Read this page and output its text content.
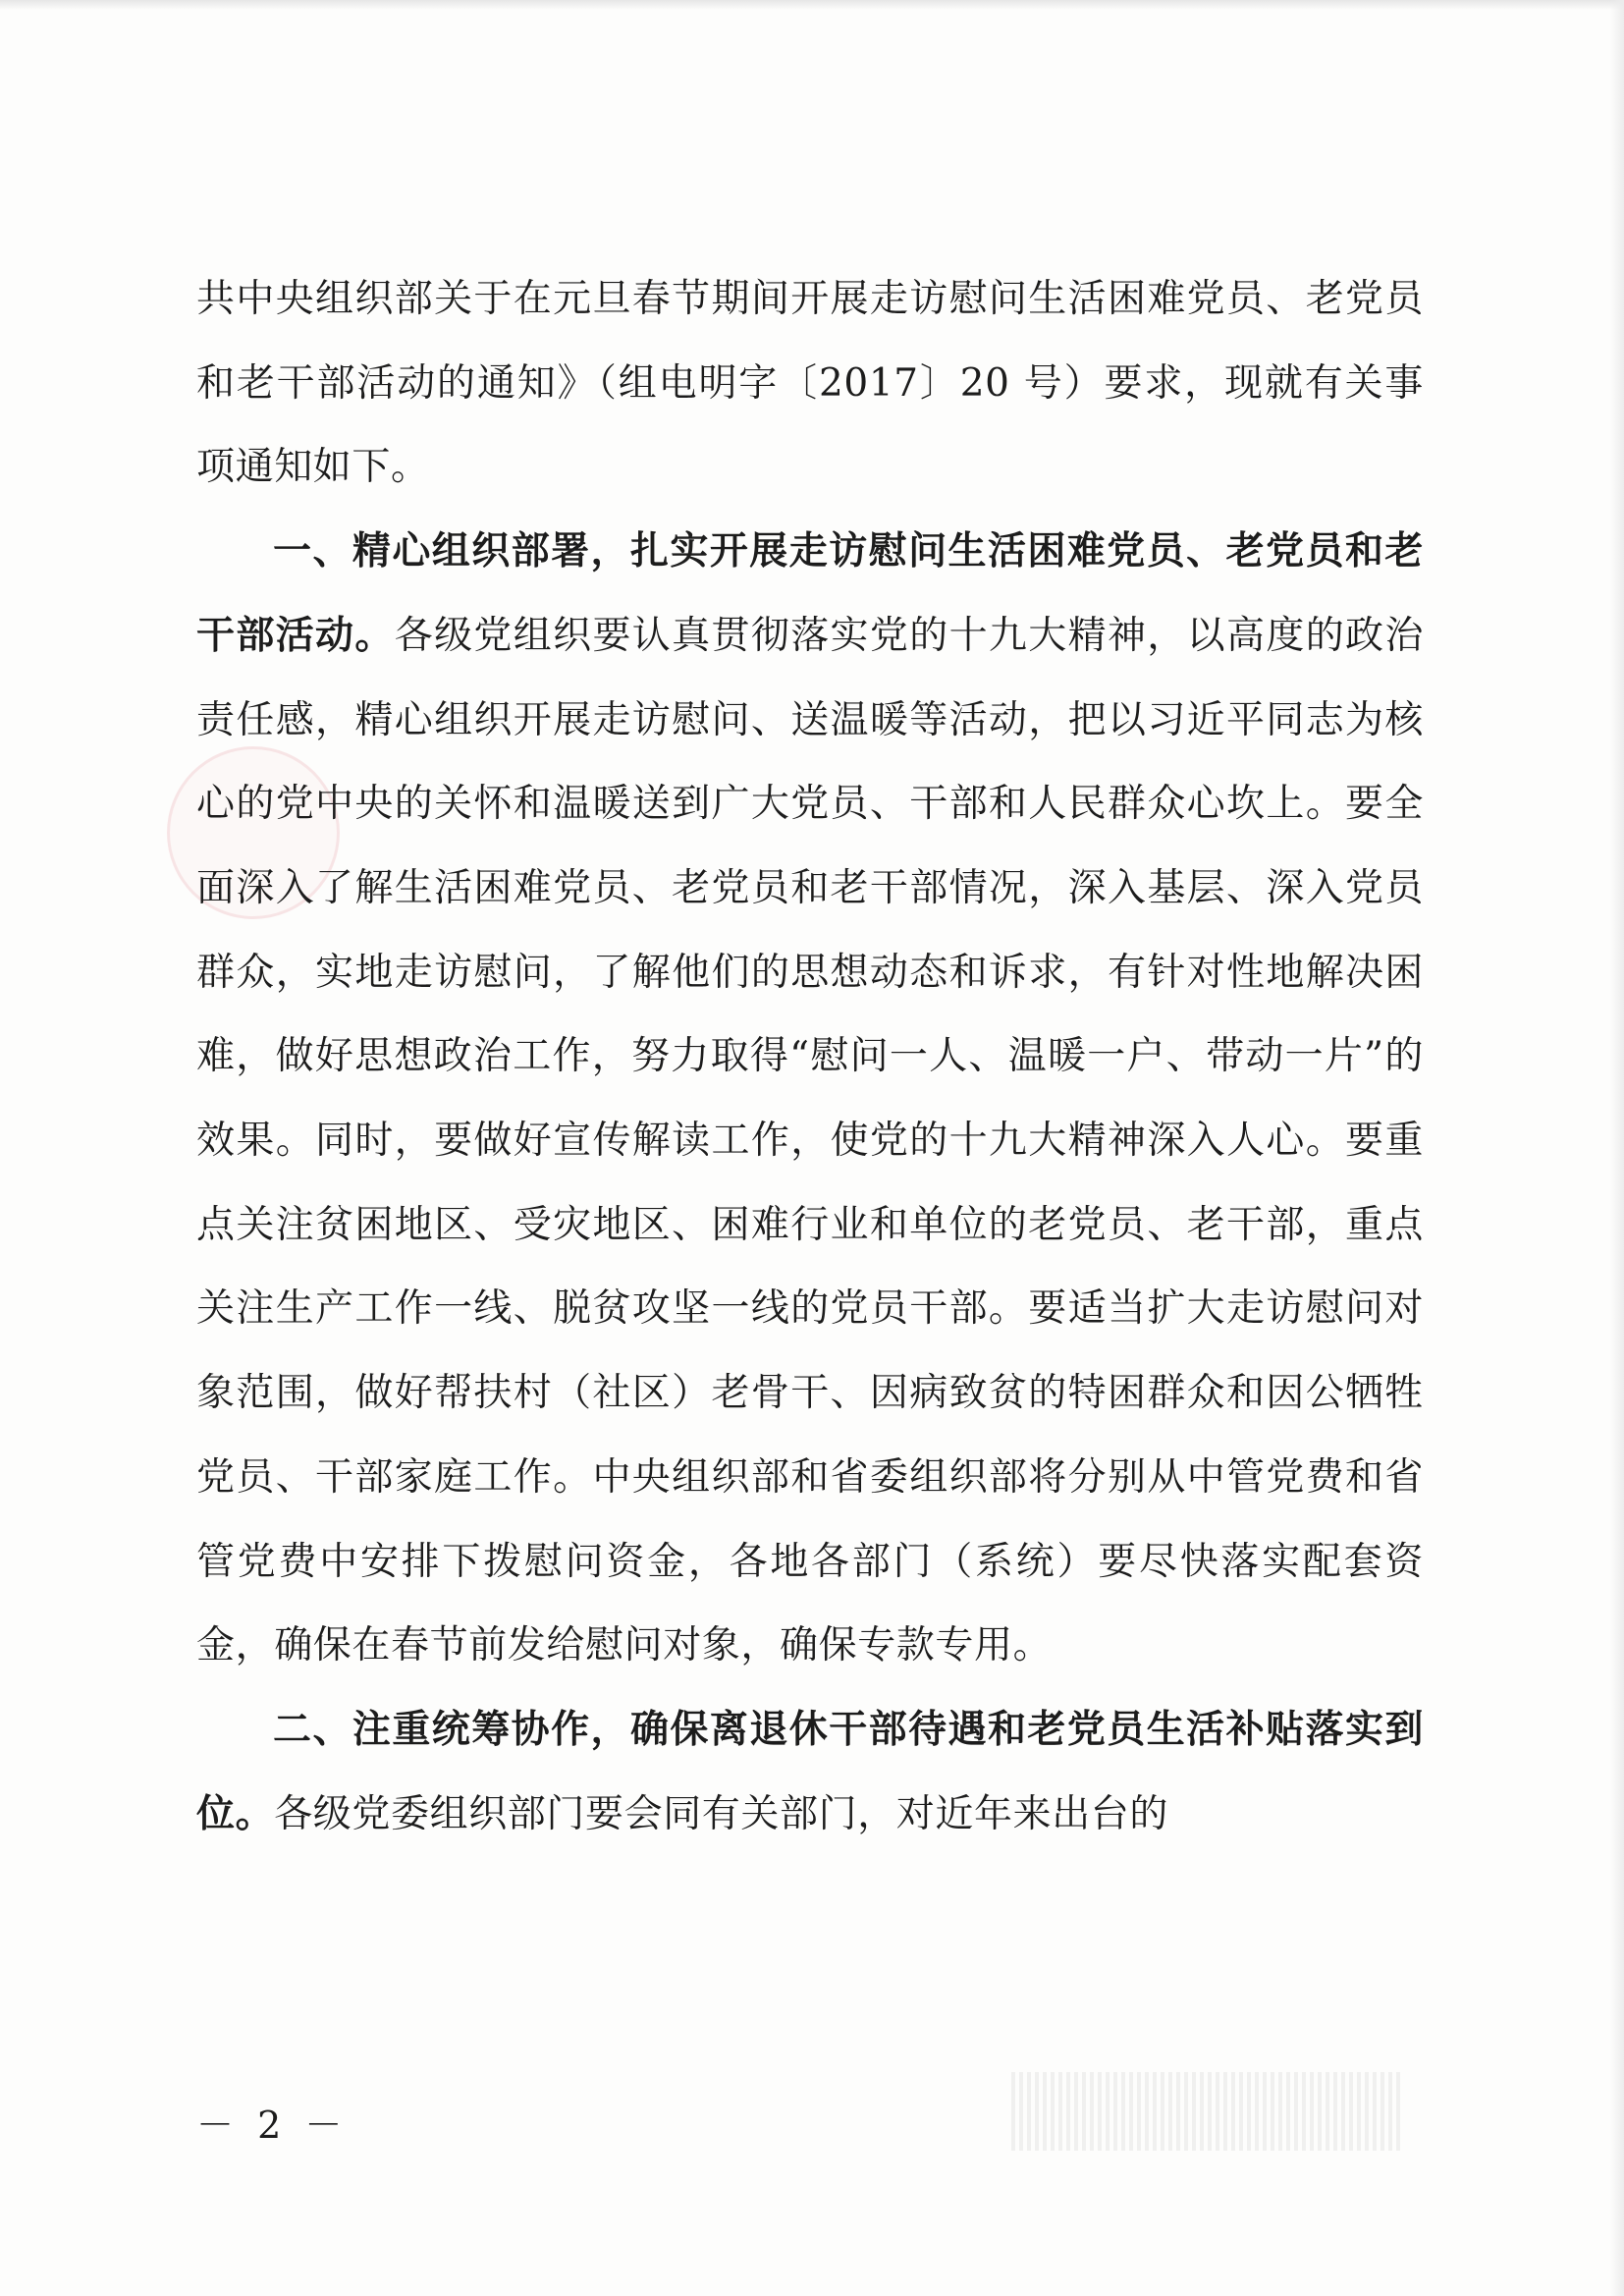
共中央组织部关于在元旦春节期间开展走访慰问生活困难党员、老党员和老干部活动的通知》（组电明字〔2017〕20 号）要求，现就有关事项通知如下。

一、精心组织部署，扎实开展走访慰问生活困难党员、老党员和老干部活动。各级党组织要认真贯彻落实党的十九大精神，以高度的政治责任感，精心组织开展走访慰问、送温暖等活动，把以习近平同志为核心的党中央的关怀和温暖送到广大党员、干部和人民群众心坎上。要全面深入了解生活困难党员、老党员和老干部情况，深入基层、深入党员群众，实地走访慰问，了解他们的思想动态和诉求，有针对性地解决困难，做好思想政治工作，努力取得“慰问一人、温暖一户、带动一片”的效果。同时，要做好宣传解读工作，使党的十九大精神深入人心。要重点关注贫困地区、受灾地区、困难行业和单位的老党员、老干部，重点关注生产工作一线、脱贫攻坚一线的党员干部。要适当扩大走访慰问对象范围，做好帮扶村（社区）老骨干、因病致贫的特困群众和因公牺牲党员、干部家庭工作。中央组织部和省委组织部将分别从中管党费和省管党费中安排下拨慰问资金，各地各部门（系统）要尽快落实配套资金，确保在春节前发给慰问对象，确保专款专用。

二、注重统筹协作，确保离退休干部待遇和老党员生活补贴落实到位。各级党委组织部门要会同有关部门，对近年来出台的

－ 2 －
